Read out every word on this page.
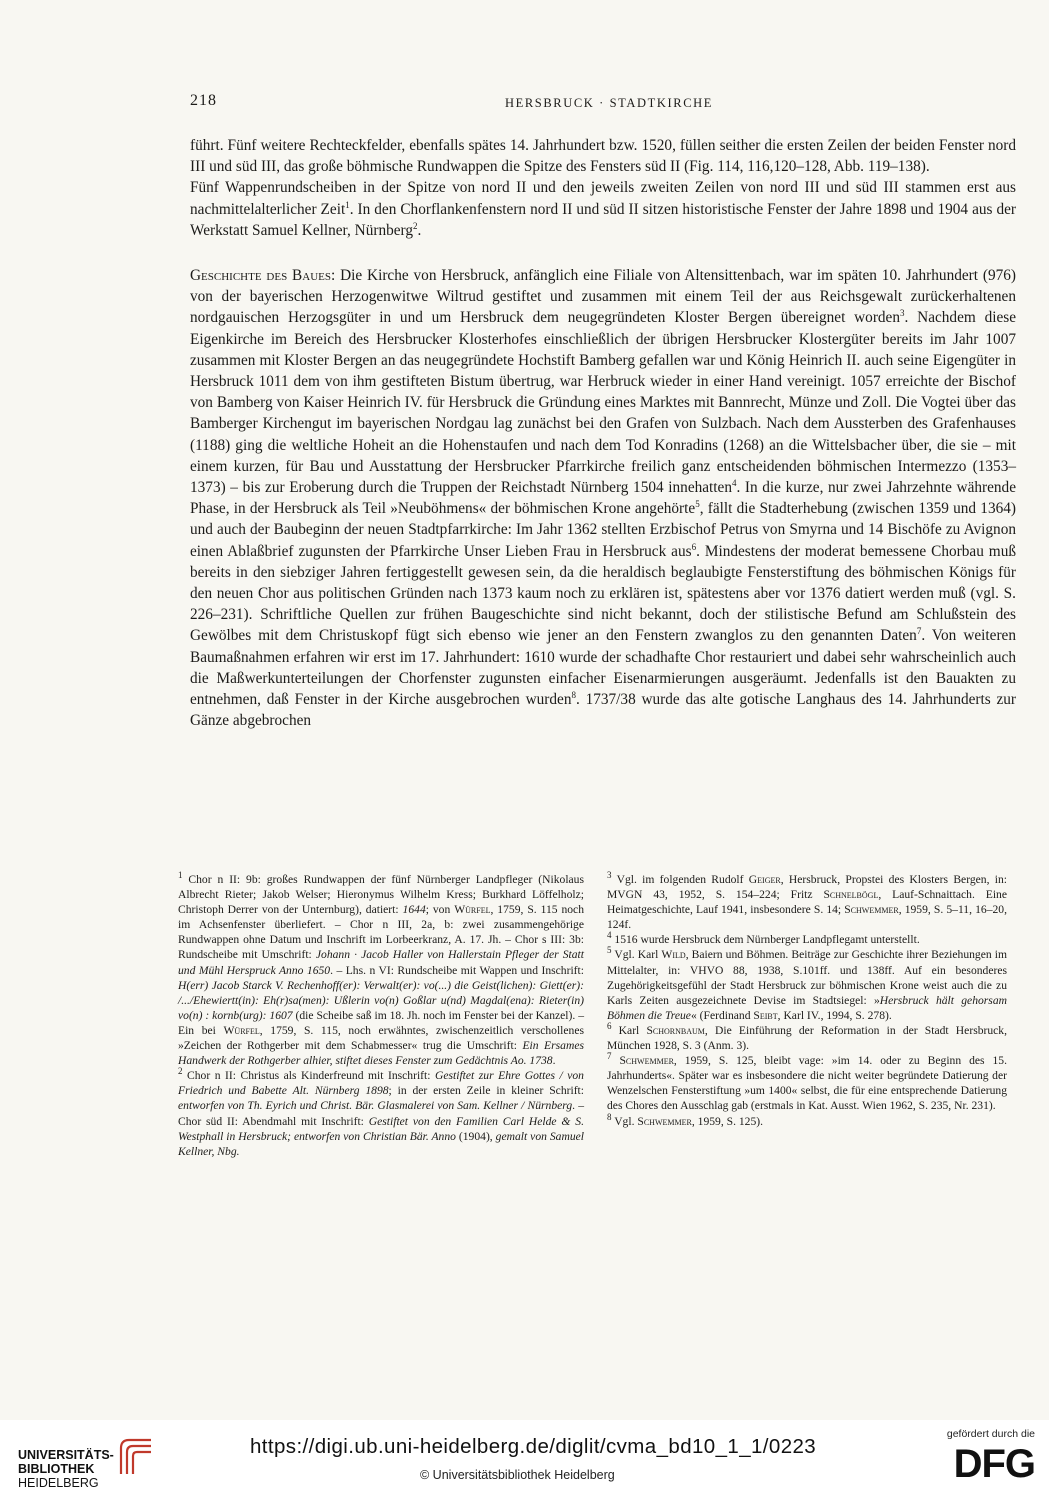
218	HERSBRUCK · STADTKIRCHE

führt. Fünf weitere Rechteckfelder, ebenfalls spätes 14. Jahrhundert bzw. 1520, füllen seither die ersten Zeilen der beiden Fenster nord III und süd III, das große böhmische Rundwappen die Spitze des Fensters süd II (Fig. 114, 116,120–128, Abb. 119–138).

Fünf Wappenrundscheiben in der Spitze von nord II und den jeweils zweiten Zeilen von nord III und süd III stammen erst aus nachmittelalterlicher Zeit$^1$. In den Chorflankenfenstern nord II und süd II sitzen historistische Fenster der Jahre 1898 und 1904 aus der Werkstatt Samuel Kellner, Nürnberg$^2$.

Geschichte des Baues: Die Kirche von Hersbruck, anfänglich eine Filiale von Altensittenbach, war im späten 10. Jahrhundert (976) von der bayerischen Herzogenwitwe Wiltrud gestiftet und zusammen mit einem Teil der aus Reichsgewalt zurückerhaltenen nordgauischen Herzogsgüter in und um Hersbruck dem neugegründeten Kloster Bergen übereignet worden$^3$. Nachdem diese Eigenkirche im Bereich des Hersbrucker Klosterhofes einschließlich der übrigen Hersbrucker Klostergüter bereits im Jahr 1007 zusammen mit Kloster Bergen an das neugegründete Hochstift Bamberg gefallen war und König Heinrich II. auch seine Eigengüter in Hersbruck 1011 dem von ihm gestifteten Bistum übertrug, war Herbruck wieder in einer Hand vereinigt. 1057 erreichte der Bischof von Bamberg von Kaiser Heinrich IV. für Hersbruck die Gründung eines Marktes mit Bannrecht, Münze und Zoll. Die Vogtei über das Bamberger Kirchengut im bayerischen Nordgau lag zunächst bei den Grafen von Sulzbach. Nach dem Aussterben des Grafenhauses (1188) ging die weltliche Hoheit an die Hohenstaufen und nach dem Tod Konradins (1268) an die Wittelsbacher über, die sie – mit einem kurzen, für Bau und Ausstattung der Hersbrucker Pfarrkirche freilich ganz entscheidenden böhmischen Intermezzo (1353–1373) – bis zur Eroberung durch die Truppen der Reichstadt Nürnberg 1504 innehatten$^4$. In die kurze, nur zwei Jahrzehnte währende Phase, in der Hersbruck als Teil »Neuböhmens« der böhmischen Krone angehörte$^5$, fällt die Stadterhebung (zwischen 1359 und 1364) und auch der Baubeginn der neuen Stadtpfarrkirche: Im Jahr 1362 stellten Erzbischof Petrus von Smyrna und 14 Bischöfe zu Avignon einen Ablaßbrief zugunsten der Pfarrkirche Unser Lieben Frau in Hersbruck aus$^6$. Mindestens der moderat bemessene Chorbau muß bereits in den siebziger Jahren fertiggestellt gewesen sein, da die heraldisch beglaubigte Fensterstiftung des böhmischen Königs für den neuen Chor aus politischen Gründen nach 1373 kaum noch zu erklären ist, spätestens aber vor 1376 datiert werden muß (vgl. S. 226–231). Schriftliche Quellen zur frühen Baugeschichte sind nicht bekannt, doch der stilistische Befund am Schlußstein des Gewölbes mit dem Christuskopf fügt sich ebenso wie jener an den Fenstern zwanglos zu den genannten Daten$^7$. Von weiteren Baumaßnahmen erfahren wir erst im 17. Jahrhundert: 1610 wurde der schadhafte Chor restauriert und dabei sehr wahrscheinlich auch die Maßwerkunterteilungen der Chorfenster zugunsten einfacher Eisenarmierungen ausgeräumt. Jedenfalls ist den Bauakten zu entnehmen, daß Fenster in der Kirche ausgebrochen wurden$^8$. 1737/38 wurde das alte gotische Langhaus des 14. Jahrhunderts zur Gänze abgebrochen

$^1$ Chor n II: 9b: großes Rundwappen der fünf Nürnberger Landpfleger (Nikolaus Albrecht Rieter; Jakob Welser; Hieronymus Wilhelm Kress; Burkhard Löffelholz; Christoph Derrer von der Unternburg), datiert: 1644; von Würfel, 1759, S. 115 noch im Achsenfenster überliefert. – Chor n III, 2a, b: zwei zusammengehörige Rundwappen ohne Datum und Inschrift im Lorbeerkranz, A. 17. Jh. – Chor s III: 3b: Rundscheibe mit Umschrift: Johann · Jacob Haller von Hallerstain Pfleger der Statt und Mühl Herspruck Anno 1650. – Lhs. n VI: Rundscheibe mit Wappen und Inschrift: H(err) Jacob Starck V. Rechenhoff(er): Verwalt(er): vo(...) die Geist(lichen): Giett(er): /.../Ehewiertt(in): Eh(r)sa(men): Ußlerin vo(n) Goßlar u(nd) Magdal(ena): Rieter(in) vo(n) : kornb(urg): 1607 (die Scheibe saß im 18. Jh. noch im Fenster bei der Kanzel). – Ein bei Würfel, 1759, S. 115, noch erwähntes, zwischenzeitlich verschollenes »Zeichen der Rothgerber mit dem Schabmesser« trug die Umschrift: Ein Ersames Handwerk der Rothgerber alhier, stiftet dieses Fenster zum Gedächtnis Ao. 1738.

$^2$ Chor n II: Christus als Kinderfreund mit Inschrift: Gestiftet zur Ehre Gottes / von Friedrich und Babette Alt. Nürnberg 1898; in der ersten Zeile in kleiner Schrift: entworfen von Th. Eyrich und Christ. Bär. Glasmalerei von Sam. Kellner / Nürnberg. – Chor süd II: Abendmahl mit Inschrift: Gestiftet von den Familien Carl Helde & S. Westphall in Hersbruck; entworfen von Christian Bär. Anno (1904), gemalt von Samuel Kellner, Nbg.

$^3$ Vgl. im folgenden Rudolf Geiger, Hersbruck, Propstei des Klosters Bergen, in: MVGN 43, 1952, S. 154–224; Fritz Schnelbögl, Lauf-Schnaittach. Eine Heimatgeschichte, Lauf 1941, insbesondere S. 14; Schwemmer, 1959, S. 5–11, 16–20, 124f.

$^4$ 1516 wurde Hersbruck dem Nürnberger Landpflegamt unterstellt.

$^5$ Vgl. Karl Wild, Baiern und Böhmen. Beiträge zur Geschichte ihrer Beziehungen im Mittelalter, in: VHVO 88, 1938, S.101ff. und 138ff. Auf ein besonderes Zugehörigkeitsgefühl der Stadt Hersbruck zur böhmischen Krone weist auch die zu Karls Zeiten ausgezeichnete Devise im Stadtsiegel: »Hersbruck hält gehorsam Böhmen die Treue« (Ferdinand Seibt, Karl IV., 1994, S. 278).

$^6$ Karl Schornbaum, Die Einführung der Reformation in der Stadt Hersbruck, München 1928, S. 3 (Anm. 3).

$^7$ Schwemmer, 1959, S. 125, bleibt vage: »im 14. oder zu Beginn des 15. Jahrhunderts«. Später war es insbesondere die nicht weiter begründete Datierung der Wenzelschen Fensterstiftung »um 1400« selbst, die für eine entsprechende Datierung des Chores den Ausschlag gab (erstmals in Kat. Ausst. Wien 1962, S. 235, Nr. 231).

$^8$ Vgl. Schwemmer, 1959, S. 125).

UNIVERSITÄTS-
BIBLIOTHEK
HEIDELBERG
https://digi.ub.uni-heidelberg.de/diglit/cvma_bd10_1_1/0223
© Universitätsbibliothek Heidelberg
gefördert durch die
DFG
